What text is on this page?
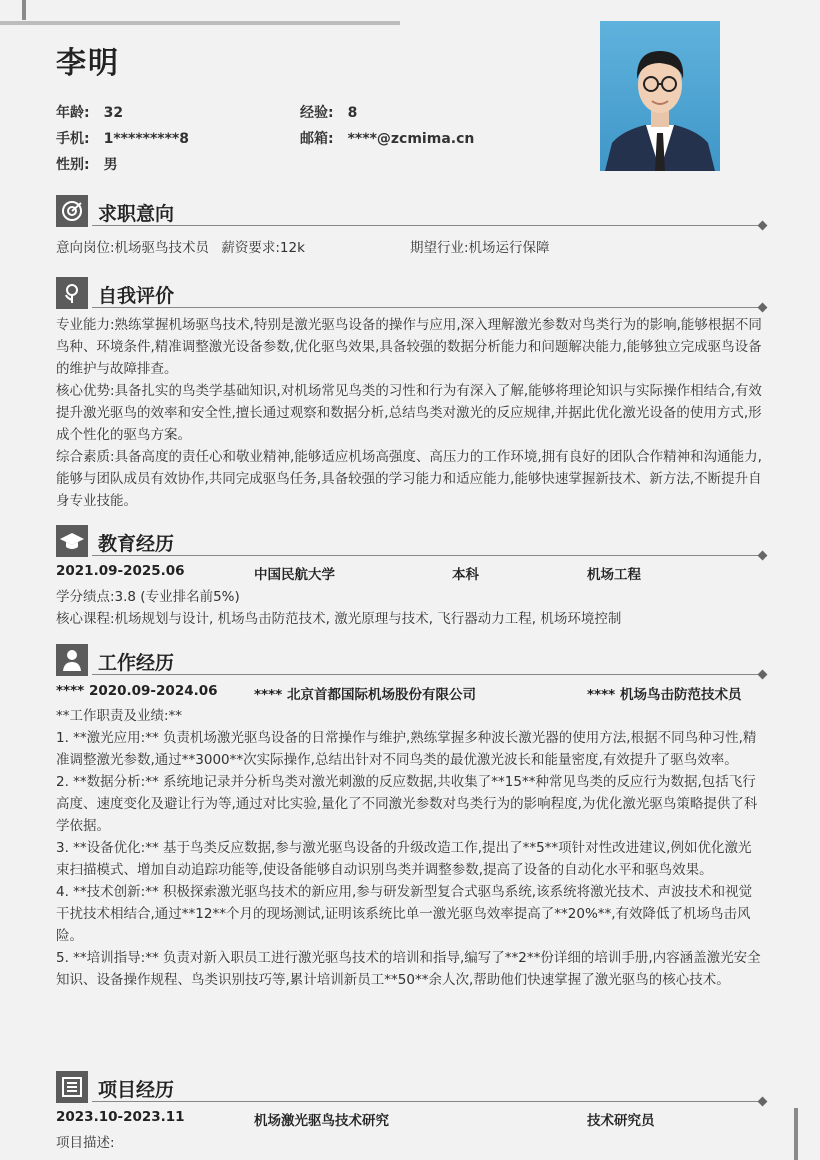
李明
年龄: 32	经验: 8
手机: 1*********8	邮箱: ****@zcmima.cn
性别: 男
求职意向
意向岗位:机场驱鸟技术员 薪资要求:12k	期望行业:机场运行保障
自我评价
专业能力:熟练掌握机场驱鸟技术,特别是激光驱鸟设备的操作与应用,深入理解激光参数对鸟类行为的影响,能够根据不同鸟种、环境条件,精准调整激光设备参数,优化驱鸟效果,具备较强的数据分析能力和问题解决能力,能够独立完成驱鸟设备的维护与故障排查。
核心优势:具备扎实的鸟类学基础知识,对机场常见鸟类的习性和行为有深入了解,能够将理论知识与实际操作相结合,有效提升激光驱鸟的效率和安全性,擅长通过观察和数据分析,总结鸟类对激光的反应规律,并据此优化激光设备的使用方式,形成个性化的驱鸟方案。
综合素质:具备高度的责任心和敬业精神,能够适应机场高强度、高压力的工作环境,拥有良好的团队合作精神和沟通能力,能够与团队成员有效协作,共同完成驱鸟任务,具备较强的学习能力和适应能力,能够快速掌握新技术、新方法,不断提升自身专业技能。
教育经历
2021.09-2025.06	中国民航大学	本科	机场工程
学分绩点:3.8 (专业排名前5%)
核心课程:机场规划与设计, 机场鸟击防范技术, 激光原理与技术, 飞行器动力工程, 机场环境控制
工作经历
**** 2020.09-2024.06	**** 北京首都国际机场股份有限公司	**** 机场鸟击防范技术员
**工作职责及业绩:**
1. **激光应用:** 负责机场激光驱鸟设备的日常操作与维护,熟练掌握多种波长激光器的使用方法,根据不同鸟种习性,精准调整激光参数,通过**3000**次实际操作,总结出针对不同鸟类的最优激光波长和能量密度,有效提升了驱鸟效率。
2. **数据分析:** 系统地记录并分析鸟类对激光刺激的反应数据,共收集了**15**种常见鸟类的反应行为数据,包括飞行高度、速度变化及避让行为等,通过对比实验,量化了不同激光参数对鸟类行为的影响程度,为优化激光驱鸟策略提供了科学依据。
3. **设备优化:** 基于鸟类反应数据,参与激光驱鸟设备的升级改造工作,提出了**5**项针对性改进建议,例如优化激光束扫描模式、增加自动追踪功能等,使设备能够自动识别鸟类并调整参数,提高了设备的自动化水平和驱鸟效果。
4. **技术创新:** 积极探索激光驱鸟技术的新应用,参与研发新型复合式驱鸟系统,该系统将激光技术、声波技术和视觉干扰技术相结合,通过**12**个月的现场测试,证明该系统比单一激光驱鸟效率提高了**20%**,有效降低了机场鸟击风险。
5. **培训指导:** 负责对新入职员工进行激光驱鸟技术的培训和指导,编写了**2**份详细的培训手册,内容涵盖激光安全知识、设备操作规程、鸟类识别技巧等,累计培训新员工**50**余人次,帮助他们快速掌握了激光驱鸟的核心技术。
项目经历
2023.10-2023.11	机场激光驱鸟技术研究	技术研究员
项目描述:
